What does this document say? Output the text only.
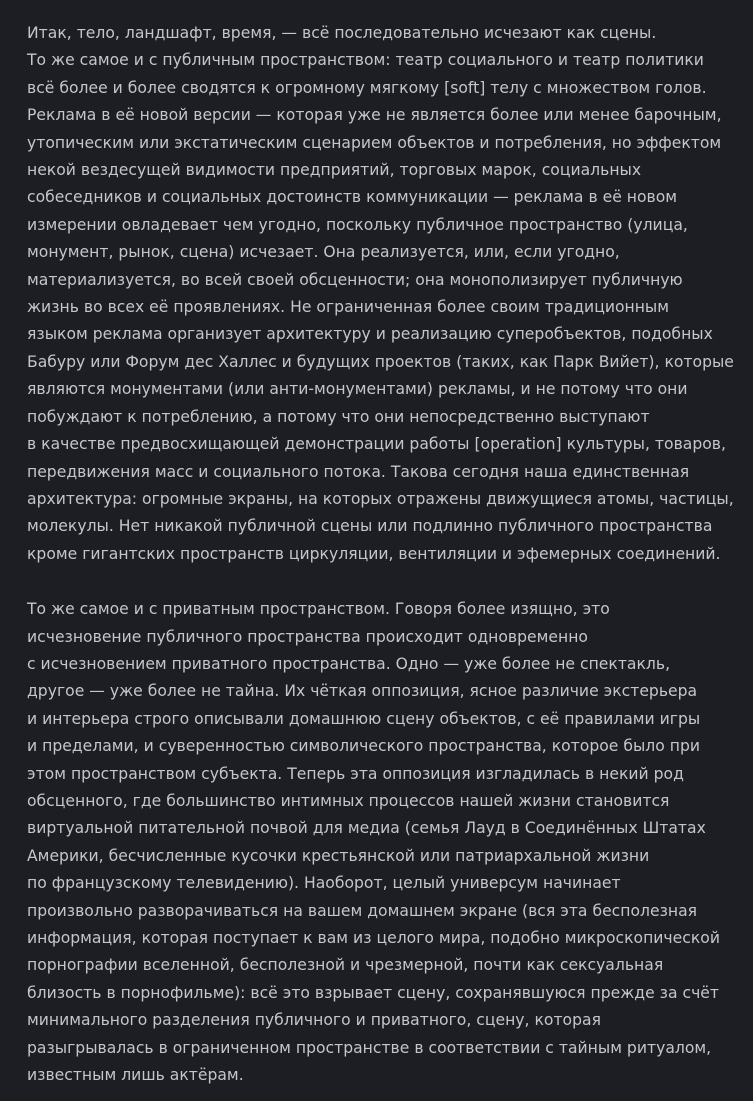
Итак, тело, ландшафт, время, — всё последовательно исчезают как сцены.
То же самое и с публичным пространством: театр социального и театр политики
всё более и более сводятся к огромному мягкому [soft] телу с множеством голов.
Реклама в её новой версии — которая уже не является более или менее барочным,
утопическим или экстатическим сценарием объектов и потребления, но эффектом
некой вездесущей видимости предприятий, торговых марок, социальных
собеседников и социальных достоинств коммуникации — реклама в её новом
измерении овладевает чем угодно, поскольку публичное пространство (улица,
монумент, рынок, сцена) исчезает. Она реализуется, или, если угодно,
материализуется, во всей своей обсценности; она монополизирует публичную
жизнь во всех её проявлениях. Не ограниченная более своим традиционным
языком реклама организует архитектуру и реализацию суперобъектов, подобных
Бабуру или Форум дес Халлес и будущих проектов (таких, как Парк Вийет), которые
являются монументами (или анти-монументами) рекламы, и не потому что они
побуждают к потреблению, а потому что они непосредственно выступают
в качестве предвосхищающей демонстрации работы [operation] культуры, товаров,
передвижения масс и социального потока. Такова сегодня наша единственная
архитектура: огромные экраны, на которых отражены движущиеся атомы, частицы,
молекулы. Нет никакой публичной сцены или подлинно публичного пространства
кроме гигантских пространств циркуляции, вентиляции и эфемерных соединений.

То же самое и с приватным пространством. Говоря более изящно, это
исчезновение публичного пространства происходит одновременно
с исчезновением приватного пространства. Одно — уже более не спектакль,
другое — уже более не тайна. Их чёткая оппозиция, ясное различие экстерьера
и интерьера строго описывали домашнюю сцену объектов, с её правилами игры
и пределами, и суверенностью символического пространства, которое было при
этом пространством субъекта. Теперь эта оппозиция изгладилась в некий род
обсценного, где большинство интимных процессов нашей жизни становится
виртуальной питательной почвой для медиа (семья Лауд в Соединённых Штатах
Америки, бесчисленные кусочки крестьянской или патриархальной жизни
по французскому телевидению). Наоборот, целый универсум начинает
произвольно разворачиваться на вашем домашнем экране (вся эта бесполезная
информация, которая поступает к вам из целого мира, подобно микроскопической
порнографии вселенной, бесполезной и чрезмерной, почти как сексуальная
близость в порнофильме): всё это взрывает сцену, сохранявшуюся прежде за счёт
минимального разделения публичного и приватного, сцену, которая
разыгрывалась в ограниченном пространстве в соответствии с тайным ритуалом,
известным лишь актёрам.
